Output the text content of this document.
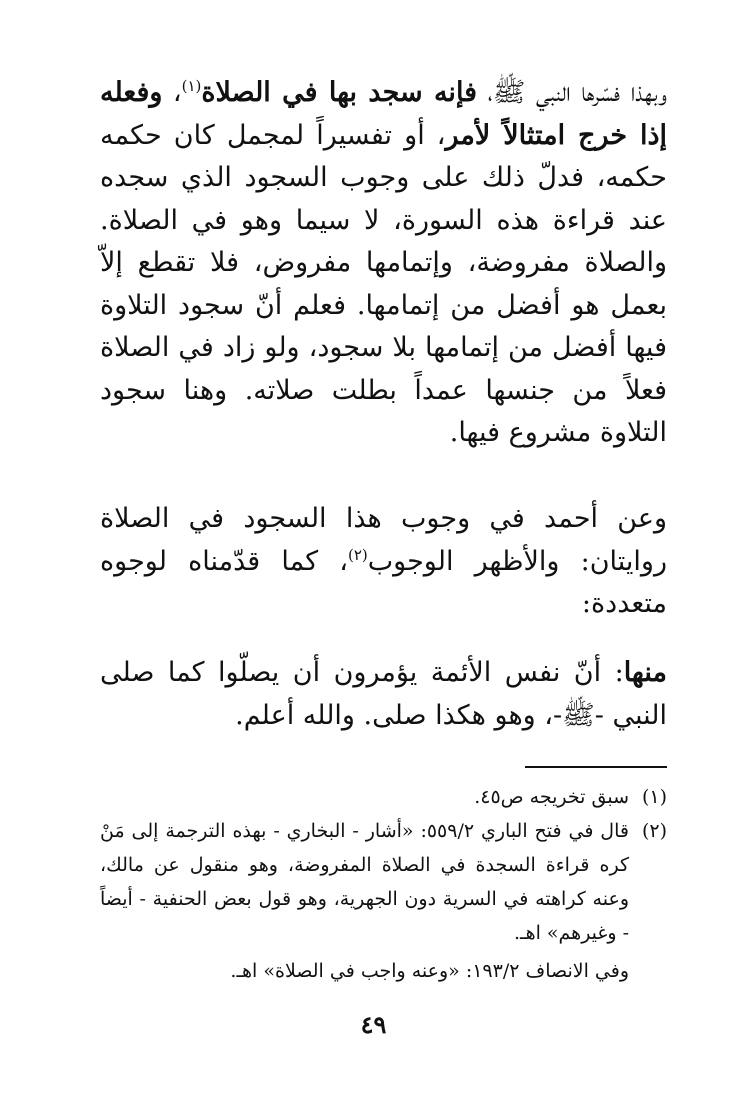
وبهذا فسّرها النبي ﷺ، فإنه سجد بها في الصلاة$^{(١)}$، وفعله إذا خرج امتثالاً لأمر، أو تفسيراً لمجمل كان حكمه حكمه، فدلّ ذلك على وجوب السجود الذي سجده عند قراءة هذه السورة، لا سيما وهو في الصلاة. والصلاة مفروضة، وإتمامها مفروض، فلا تقطع إلاّ بعمل هو أفضل من إتمامها. فعلم أنّ سجود التلاوة فيها أفضل من إتمامها بلا سجود، ولو زاد في الصلاة فعلاً من جنسها عمداً بطلت صلاته. وهنا سجود التلاوة مشروع فيها.

وعن أحمد في وجوب هذا السجود في الصلاة روايتان: والأظهر الوجوب$^{(٢)}$، كما قدّمناه لوجوه متعددة:

منها: أنّ نفس الأئمة يؤمرون أن يصلّوا كما صلى النبي -ﷺ-، وهو هكذا صلى. والله أعلم.

(١)

سبق تخريجه ص٤٥.

(٢)

قال في فتح الباري ٥٥٩/٢: «أشار - البخاري - بهذه الترجمة إلى مَنْ كره قراءة السجدة في الصلاة المفروضة، وهو منقول عن مالك، وعنه كراهته في السرية دون الجهرية، وهو قول بعض الحنفية - أيضاً - وغيرهم» اهـ.

وفي الانصاف ١٩٣/٢: «وعنه واجب في الصلاة» اهـ.

٤٩
